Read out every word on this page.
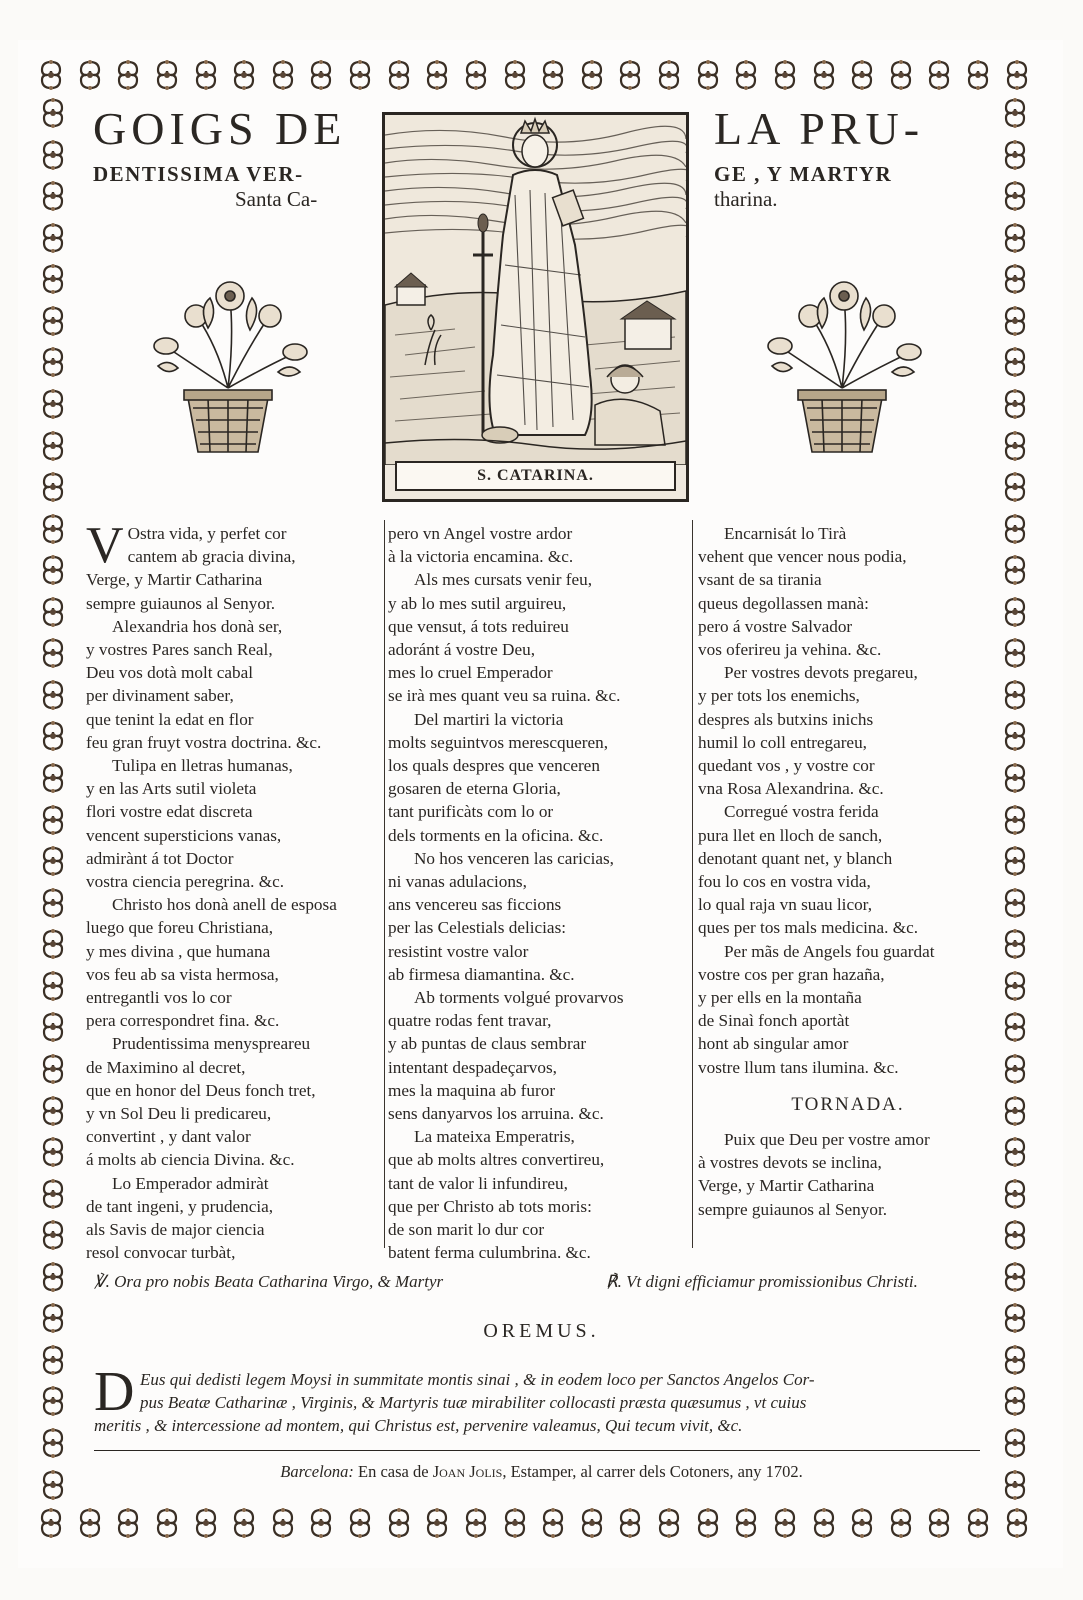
GOIGS DE
DENTISSIMA VER-
Santa Ca-
LA PRU-
GE , Y MARTYR
tharina.
S. CATARINA.
V Ostra vida, y perfet cor
cantem ab gracia divina,
Verge, y Martir Catharina
sempre guiaunos al Senyor.
Alexandria hos donà ser,
y vostres Pares sanch Real,
Deu vos dotà molt cabal
per divinament saber,
que tenint la edat en flor
feu gran fruyt vostra doctrina. &c.
Tulipa en lletras humanas,
y en las Arts sutil violeta
flori vostre edat discreta
vencent supersticions vanas,
admirànt á tot Doctor
vostra ciencia peregrina. &c.
Christo hos donà anell de esposa
luego que foreu Christiana,
y mes divina , que humana
vos feu ab sa vista hermosa,
entregantli vos lo cor
pera correspondret fina. &c.
Prudentissima menyspreareu
de Maximino al decret,
que en honor del Deus fonch tret,
y vn Sol Deu li predicareu,
convertint , y dant valor
á molts ab ciencia Divina. &c.
Lo Emperador admiràt
de tant ingeni, y prudencia,
als Savis de major ciencia
resol convocar turbàt,
pero vn Angel vostre ardor
à la victoria encamina. &c.
Als mes cursats venir feu,
y ab lo mes sutil arguireu,
que vensut, á tots reduireu
adoránt á vostre Deu,
mes lo cruel Emperador
se irà mes quant veu sa ruina. &c.
Del martiri la victoria
molts seguintvos merescqueren,
los quals despres que venceren
gosaren de eterna Gloria,
tant purificàts com lo or
dels torments en la oficina. &c.
No hos venceren las caricias,
ni vanas adulacions,
ans vencereu sas ficcions
per las Celestials delicias:
resistint vostre valor
ab firmesa diamantina. &c.
Ab torments volgué provarvos
quatre rodas fent travar,
y ab puntas de claus sembrar
intentant despadeçarvos,
mes la maquina ab furor
sens danyarvos los arruina. &c.
La mateixa Emperatris,
que ab molts altres convertireu,
tant de valor li infundireu,
que per Christo ab tots moris:
de son marit lo dur cor
batent ferma culumbrina. &c.
Encarnisát lo Tirà
vehent que vencer nous podia,
vsant de sa tirania
queus degollassen manà:
pero á vostre Salvador
vos oferireu ja vehina. &c.
Per vostres devots pregareu,
y per tots los enemichs,
despres als butxins inichs
humil lo coll entregareu,
quedant vos , y vostre cor
vna Rosa Alexandrina. &c.
Corregué vostra ferida
pura llet en lloch de sanch,
denotant quant net, y blanch
fou lo cos en vostra vida,
lo qual raja vn suau licor,
ques per tos mals medicina. &c.
Per mãs de Angels fou guardat
vostre cos per gran hazaña,
y per ells en la montaña
de Sinaì fonch aportàt
hont ab singular amor
vostre llum tans ilumina. &c.
TORNADA.
Puix que Deu per vostre amor
à vostres devots se inclina,
Verge, y Martir Catharina
sempre guiaunos al Senyor.
℣. Ora pro nobis Beata Catharina Virgo, & Martyr	℟. Vt digni efficiamur promissionibus Christi.
OREMUS.
D Eus qui dedisti legem Moysi in summitate montis sinai , & in eodem loco per Sanctos Angelos Cor-
pus Beatæ Catharinæ , Virginis, & Martyris tuæ mirabiliter collocasti præsta quæsumus , vt cuius
meritis , & intercessione ad montem, qui Christus est, pervenire valeamus, Qui tecum vivit, &c.
Barcelona: En casa de Joan Jolis, Estamper, al carrer dels Cotoners, any 1702.
